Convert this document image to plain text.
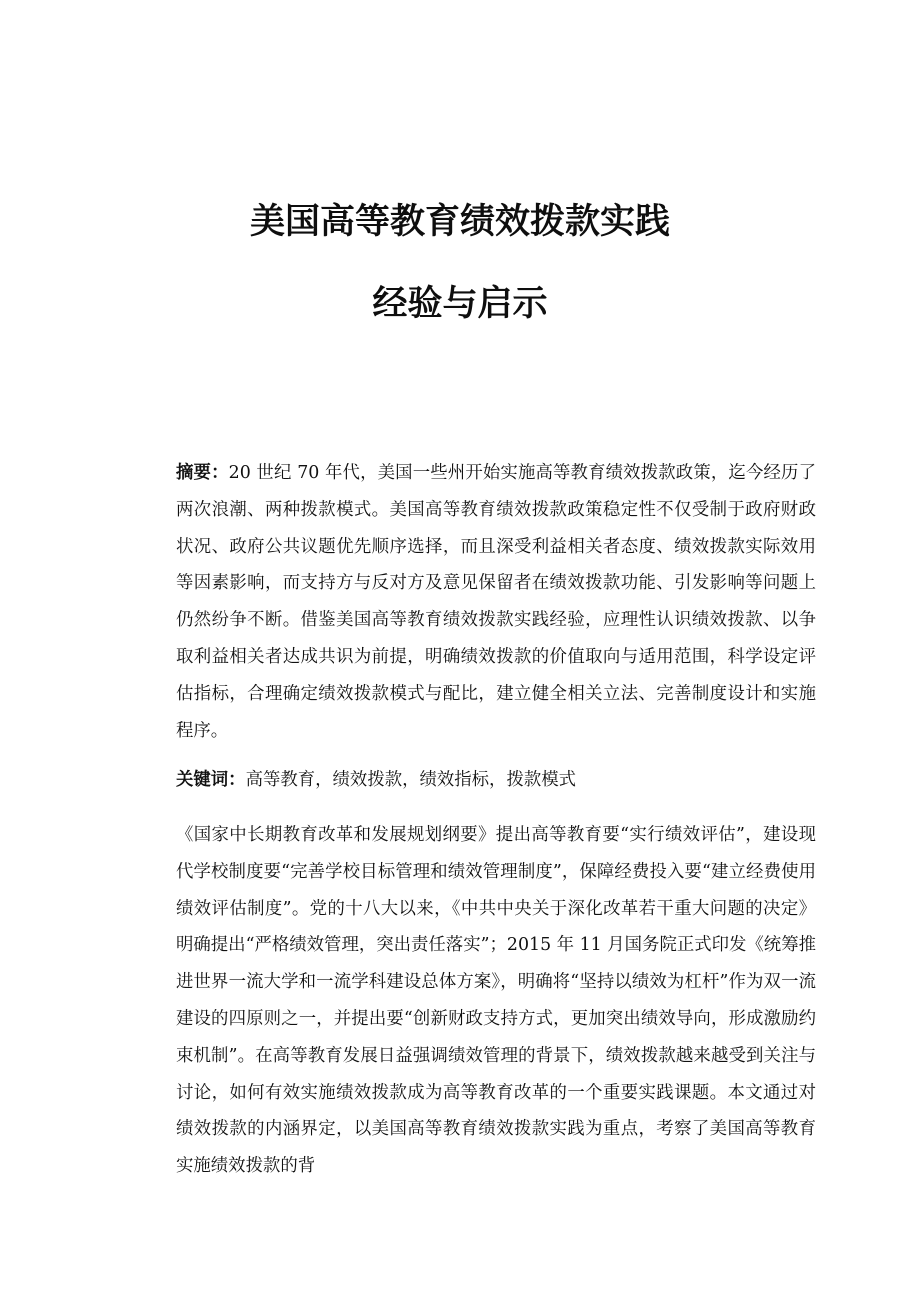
美国高等教育绩效拨款实践
经验与启示

摘要：20 世纪 70 年代，美国一些州开始实施高等教育绩效拨款政策，迄今经历了两次浪潮、两种拨款模式。美国高等教育绩效拨款政策稳定性不仅受制于政府财政状况、政府公共议题优先顺序选择，而且深受利益相关者态度、绩效拨款实际效用等因素影响，而支持方与反对方及意见保留者在绩效拨款功能、引发影响等问题上仍然纷争不断。借鉴美国高等教育绩效拨款实践经验，应理性认识绩效拨款、以争取利益相关者达成共识为前提，明确绩效拨款的价值取向与适用范围，科学设定评估指标，合理确定绩效拨款模式与配比，建立健全相关立法、完善制度设计和实施程序。

关键词：高等教育，绩效拨款，绩效指标，拨款模式

《国家中长期教育改革和发展规划纲要》提出高等教育要“实行绩效评估”，建设现代学校制度要“完善学校目标管理和绩效管理制度”，保障经费投入要“建立经费使用绩效评估制度”。党的十八大以来，《中共中央关于深化改革若干重大问题的决定》明确提出“严格绩效管理，突出责任落实”；2015 年 11 月国务院正式印发《统筹推进世界一流大学和一流学科建设总体方案》，明确将“坚持以绩效为杠杆”作为双一流建设的四原则之一，并提出要“创新财政支持方式，更加突出绩效导向，形成激励约束机制”。在高等教育发展日益强调绩效管理的背景下，绩效拨款越来越受到关注与讨论，如何有效实施绩效拨款成为高等教育改革的一个重要实践课题。本文通过对绩效拨款的内涵界定，以美国高等教育绩效拨款实践为重点，考察了美国高等教育实施绩效拨款的背
